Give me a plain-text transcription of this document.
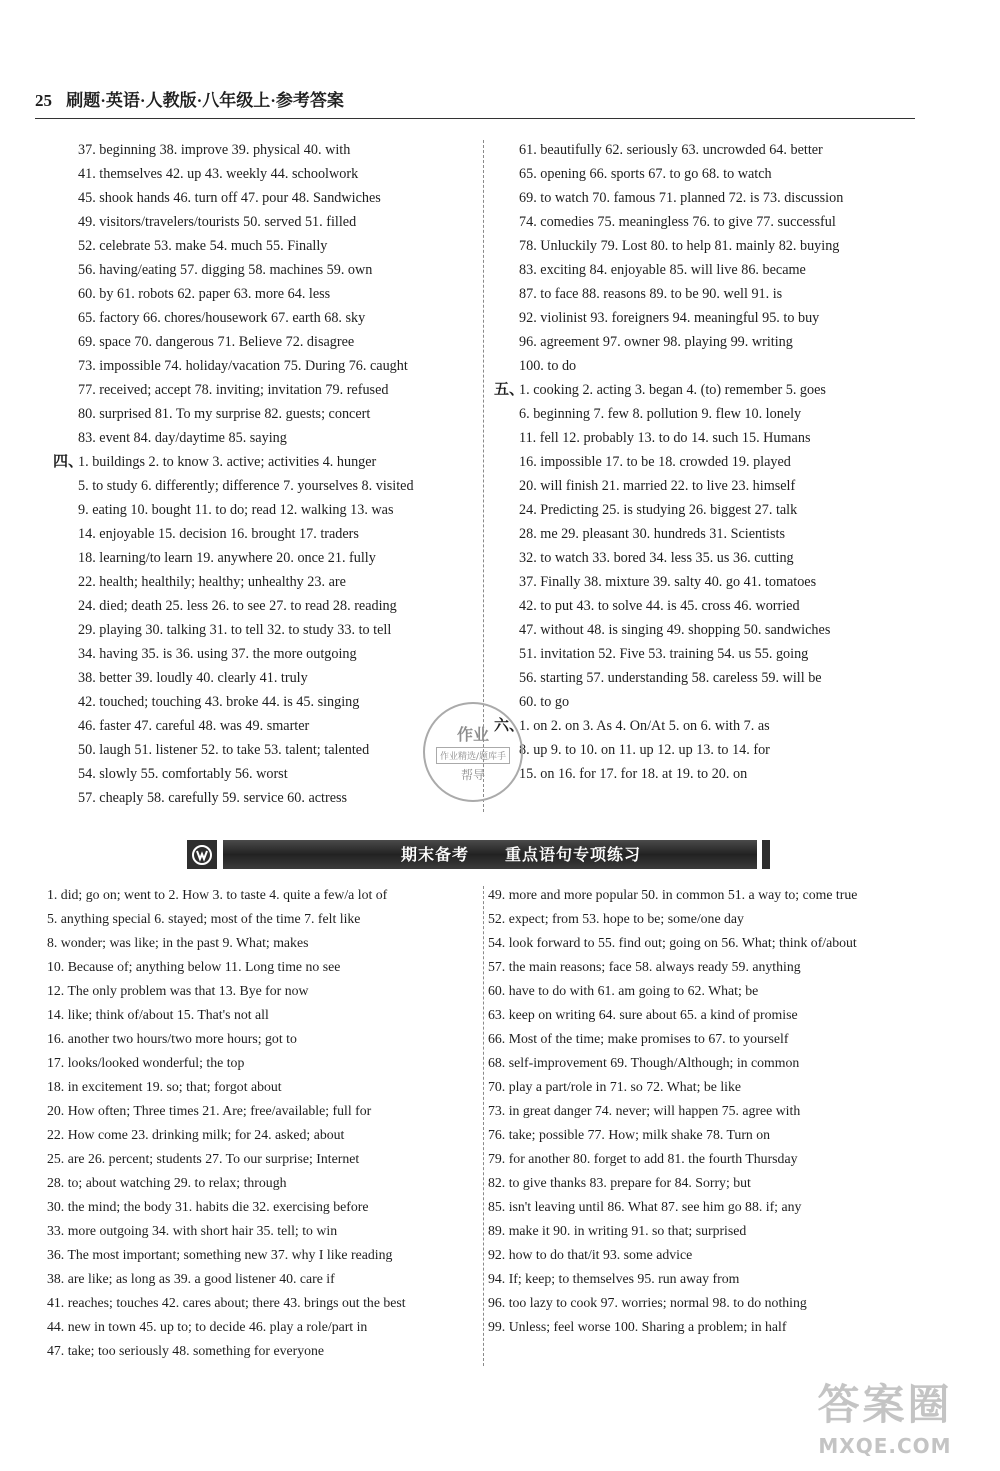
25 刷题·英语·人教版·八年级上·参考答案
37. beginning 38. improve 39. physical 40. with
41. themselves 42. up 43. weekly 44. schoolwork
45. shook hands 46. turn off 47. pour 48. Sandwiches
49. visitors/travelers/tourists 50. served 51. filled
52. celebrate 53. make 54. much 55. Finally
56. having/eating 57. digging 58. machines 59. own
60. by 61. robots 62. paper 63. more 64. less
65. factory 66. chores/housework 67. earth 68. sky
69. space 70. dangerous 71. Believe 72. disagree
73. impossible 74. holiday/vacation 75. During 76. caught
77. received; accept 78. inviting; invitation 79. refused
80. surprised 81. To my surprise 82. guests; concert
83. event 84. day/daytime 85. saying
四、1. buildings 2. to know 3. active; activities 4. hunger
5. to study 6. differently; difference 7. yourselves 8. visited
9. eating 10. bought 11. to do; read 12. walking 13. was
14. enjoyable 15. decision 16. brought 17. traders
18. learning/to learn 19. anywhere 20. once 21. fully
22. health; healthily; healthy; unhealthy 23. are
24. died; death 25. less 26. to see 27. to read 28. reading
29. playing 30. talking 31. to tell 32. to study 33. to tell
34. having 35. is 36. using 37. the more outgoing
38. better 39. loudly 40. clearly 41. truly
42. touched; touching 43. broke 44. is 45. singing
46. faster 47. careful 48. was 49. smarter
50. laugh 51. listener 52. to take 53. talent; talented
54. slowly 55. comfortably 56. worst
57. cheaply 58. carefully 59. service 60. actress
61. beautifully 62. seriously 63. uncrowded 64. better
65. opening 66. sports 67. to go 68. to watch
69. to watch 70. famous 71. planned 72. is 73. discussion
74. comedies 75. meaningless 76. to give 77. successful
78. Unluckily 79. Lost 80. to help 81. mainly 82. buying
83. exciting 84. enjoyable 85. will live 86. became
87. to face 88. reasons 89. to be 90. well 91. is
92. violinist 93. foreigners 94. meaningful 95. to buy
96. agreement 97. owner 98. playing 99. writing
100. to do
五、1. cooking 2. acting 3. began 4. (to) remember 5. goes
6. beginning 7. few 8. pollution 9. flew 10. lonely
11. fell 12. probably 13. to do 14. such 15. Humans
16. impossible 17. to be 18. crowded 19. played
20. will finish 21. married 22. to live 23. himself
24. Predicting 25. is studying 26. biggest 27. talk
28. me 29. pleasant 30. hundreds 31. Scientists
32. to watch 33. bored 34. less 35. us 36. cutting
37. Finally 38. mixture 39. salty 40. go 41. tomatoes
42. to put 43. to solve 44. is 45. cross 46. worried
47. without 48. is singing 49. shopping 50. sandwiches
51. invitation 52. Five 53. training 54. us 55. going
56. starting 57. understanding 58. careless 59. will be
60. to go
六、1. on 2. on 3. As 4. On/At 5. on 6. with 7. as
8. up 9. to 10. on 11. up 12. up 13. to 14. for
15. on 16. for 17. for 18. at 19. to 20. on
作业
作业精选/题库手
帮导
期末备考 重点语句专项练习
1. did; go on; went to 2. How 3. to taste 4. quite a few/a lot of
5. anything special 6. stayed; most of the time 7. felt like
8. wonder; was like; in the past 9. What; makes
10. Because of; anything below 11. Long time no see
12. The only problem was that 13. Bye for now
14. like; think of/about 15. That's not all
16. another two hours/two more hours; got to
17. looks/looked wonderful; the top
18. in excitement 19. so; that; forgot about
20. How often; Three times 21. Are; free/available; full for
22. How come 23. drinking milk; for 24. asked; about
25. are 26. percent; students 27. To our surprise; Internet
28. to; about watching 29. to relax; through
30. the mind; the body 31. habits die 32. exercising before
33. more outgoing 34. with short hair 35. tell; to win
36. The most important; something new 37. why I like reading
38. are like; as long as 39. a good listener 40. care if
41. reaches; touches 42. cares about; there 43. brings out the best
44. new in town 45. up to; to decide 46. play a role/part in
47. take; too seriously 48. something for everyone
49. more and more popular 50. in common 51. a way to; come true
52. expect; from 53. hope to be; some/one day
54. look forward to 55. find out; going on 56. What; think of/about
57. the main reasons; face 58. always ready 59. anything
60. have to do with 61. am going to 62. What; be
63. keep on writing 64. sure about 65. a kind of promise
66. Most of the time; make promises to 67. to yourself
68. self-improvement 69. Though/Although; in common
70. play a part/role in 71. so 72. What; be like
73. in great danger 74. never; will happen 75. agree with
76. take; possible 77. How; milk shake 78. Turn on
79. for another 80. forget to add 81. the fourth Thursday
82. to give thanks 83. prepare for 84. Sorry; but
85. isn't leaving until 86. What 87. see him go 88. if; any
89. make it 90. in writing 91. so that; surprised
92. how to do that/it 93. some advice
94. If; keep; to themselves 95. run away from
96. too lazy to cook 97. worries; normal 98. to do nothing
99. Unless; feel worse 100. Sharing a problem; in half
答案圈
MXQE.COM
